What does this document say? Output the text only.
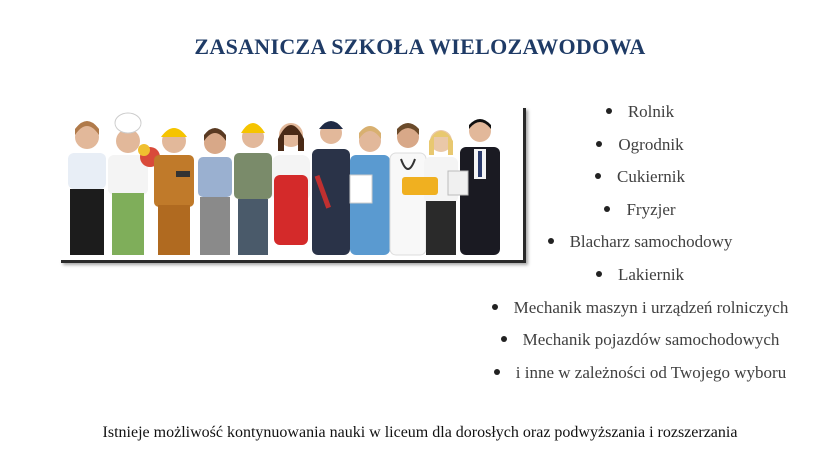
ZASANICZA SZKOŁA WIELOZAWODOWA
Rolnik
Ogrodnik
Cukiernik
Fryzjer
Blacharz samochodowy
Lakiernik
Mechanik maszyn i urządzeń rolniczych
Mechanik pojazdów samochodowych
i inne w zależności od Twojego wyboru
Istnieje możliwość kontynuowania nauki w liceum dla dorosłych oraz podwyższania i rozszerzania
